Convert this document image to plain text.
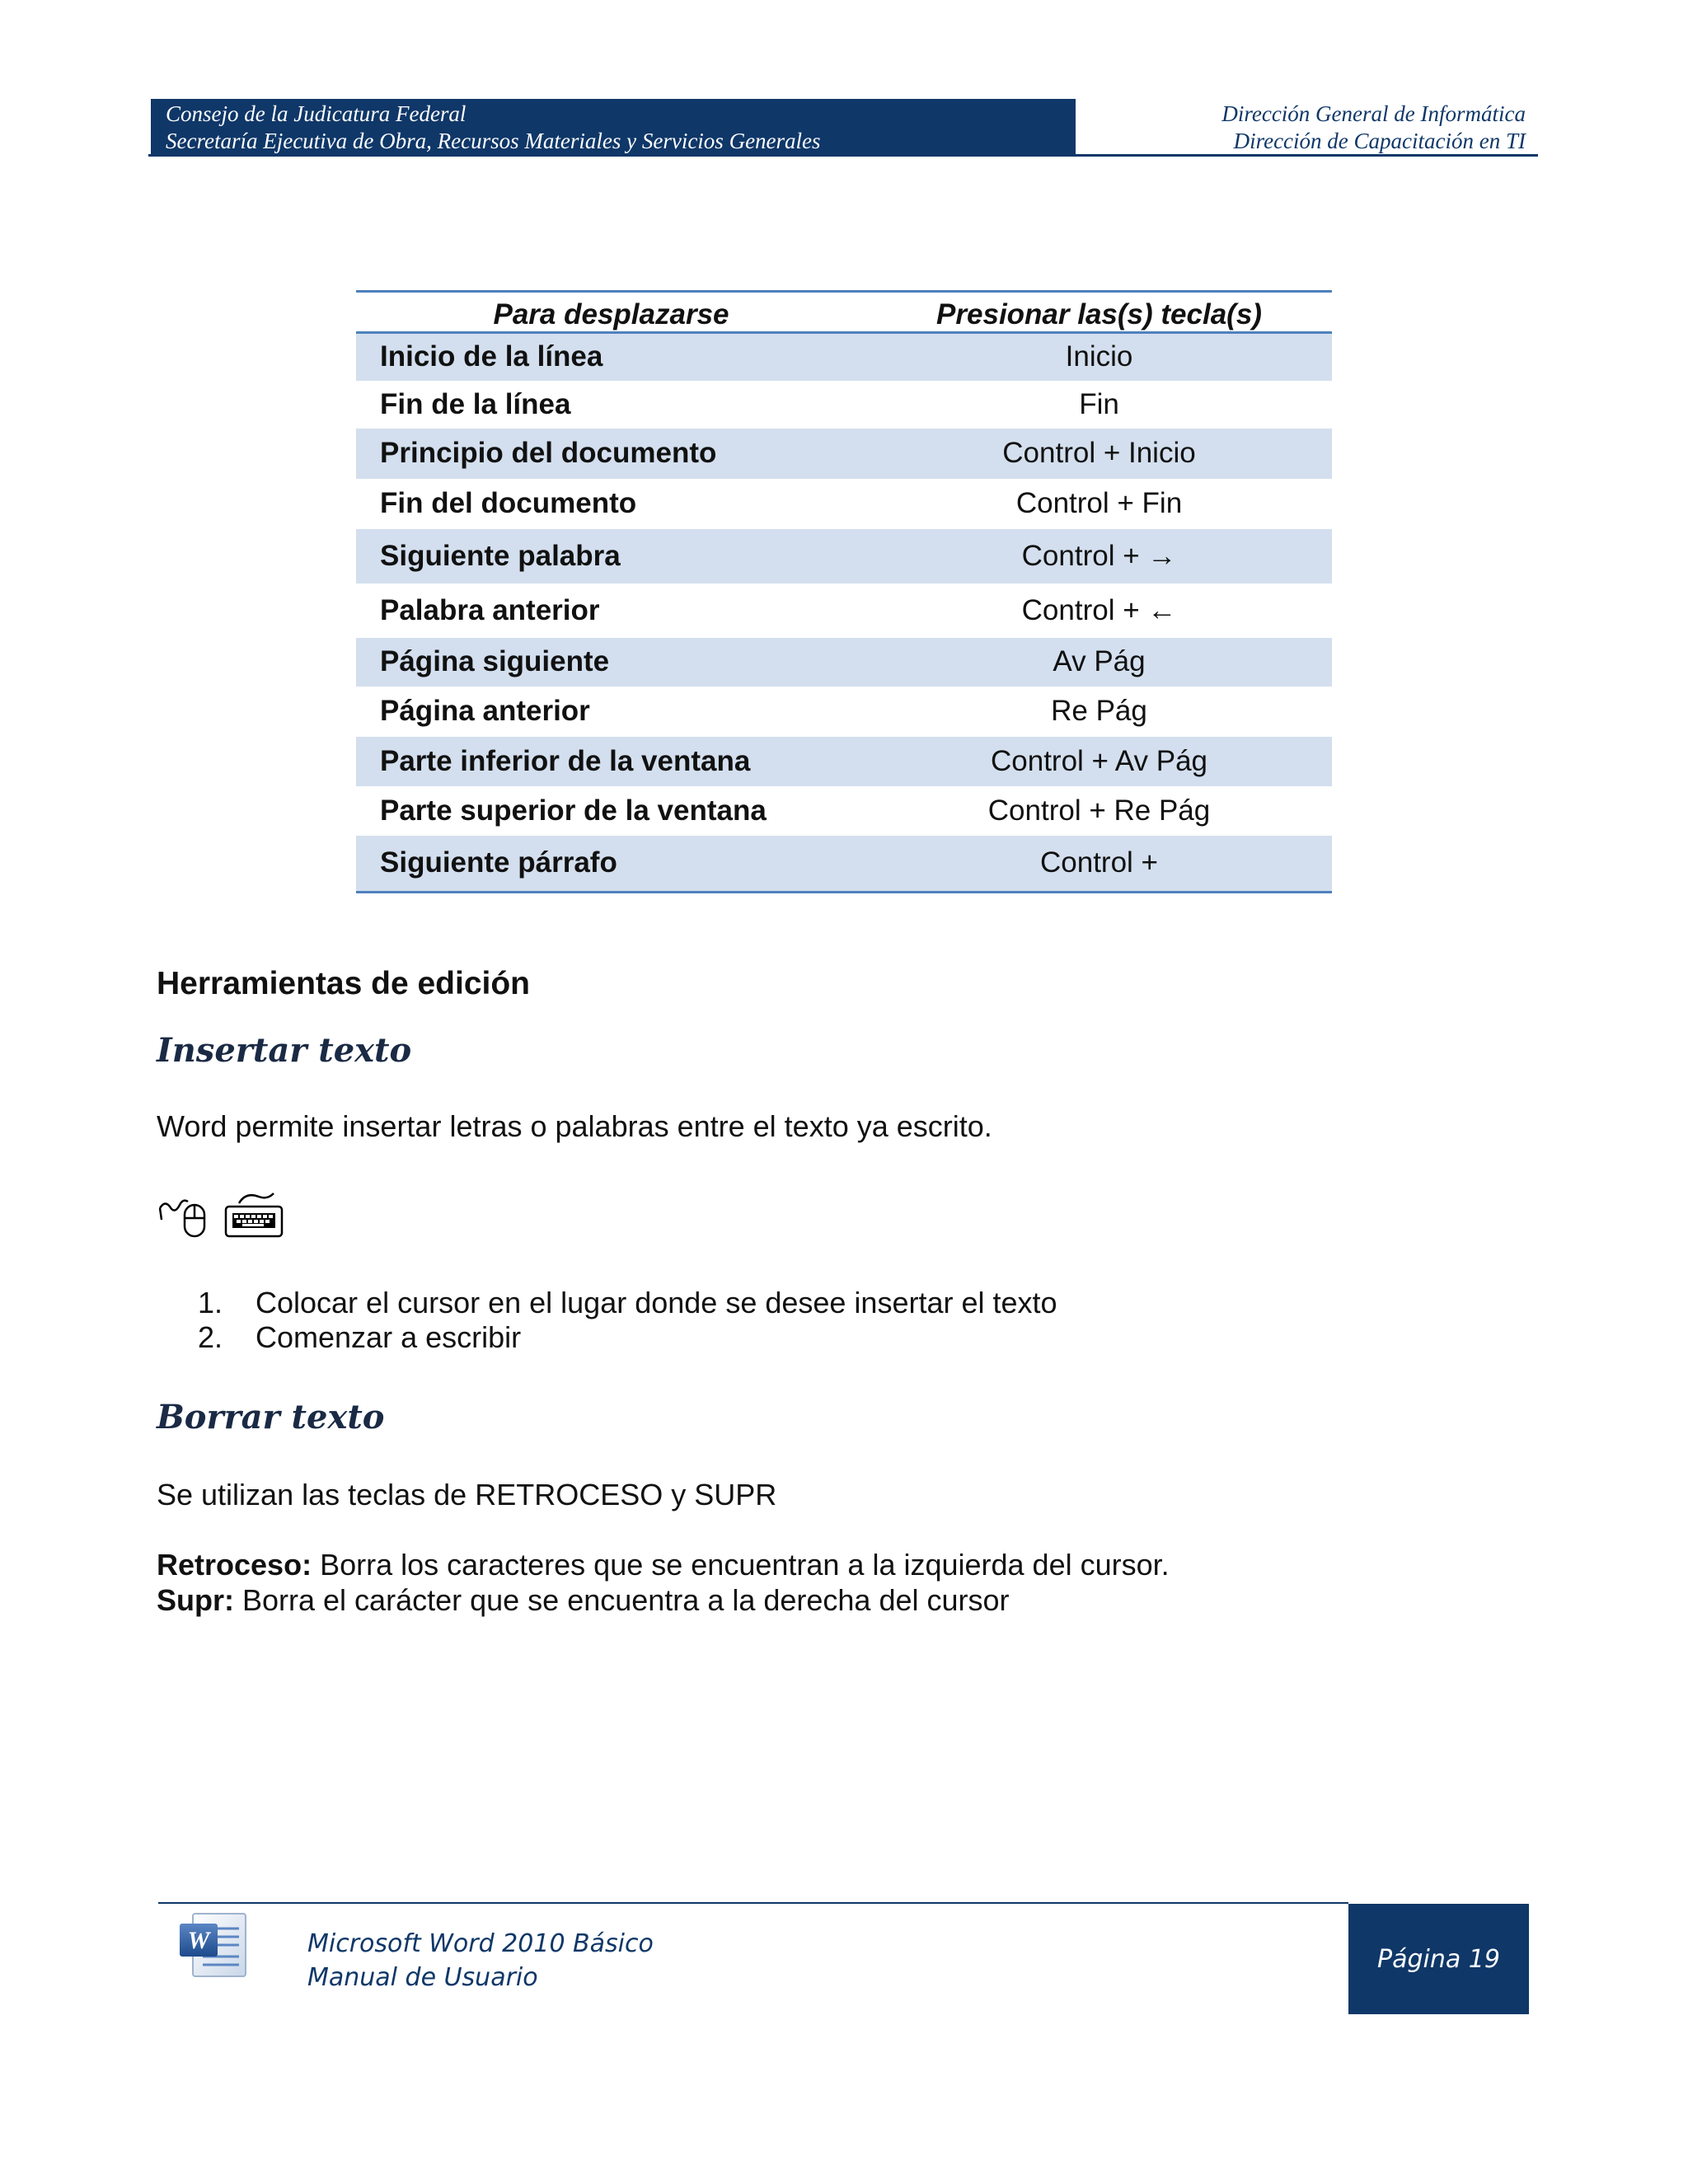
Consejo de la Judicatura Federal
Secretaría Ejecutiva de Obra, Recursos Materiales y Servicios Generales
Dirección General de Informática
Dirección de Capacitación en TI
Para desplazarse	Presionar las(s) tecla(s)
Inicio de la línea	Inicio
Fin de la línea	Fin
Principio del documento	Control + Inicio
Fin del documento	Control + Fin
Siguiente palabra	Control + →
Palabra anterior	Control + ←
Página siguiente	Av Pág
Página anterior	Re Pág
Parte inferior de la ventana	Control + Av Pág
Parte superior de la ventana	Control + Re Pág
Siguiente párrafo	Control +
Herramientas de edición
Insertar texto

Word permite insertar letras o palabras entre el texto ya escrito.

1.	Colocar el cursor en el lugar donde se desee insertar el texto
2.	Comenzar a escribir
Borrar texto

Se utilizan las teclas de RETROCESO y SUPR

Retroceso: Borra los caracteres que se encuentran a la izquierda del cursor.

Supr: Borra el carácter que se encuentra a la derecha del cursor

W	Microsoft Word 2010 Básico
Manual de Usuario
Página 19
